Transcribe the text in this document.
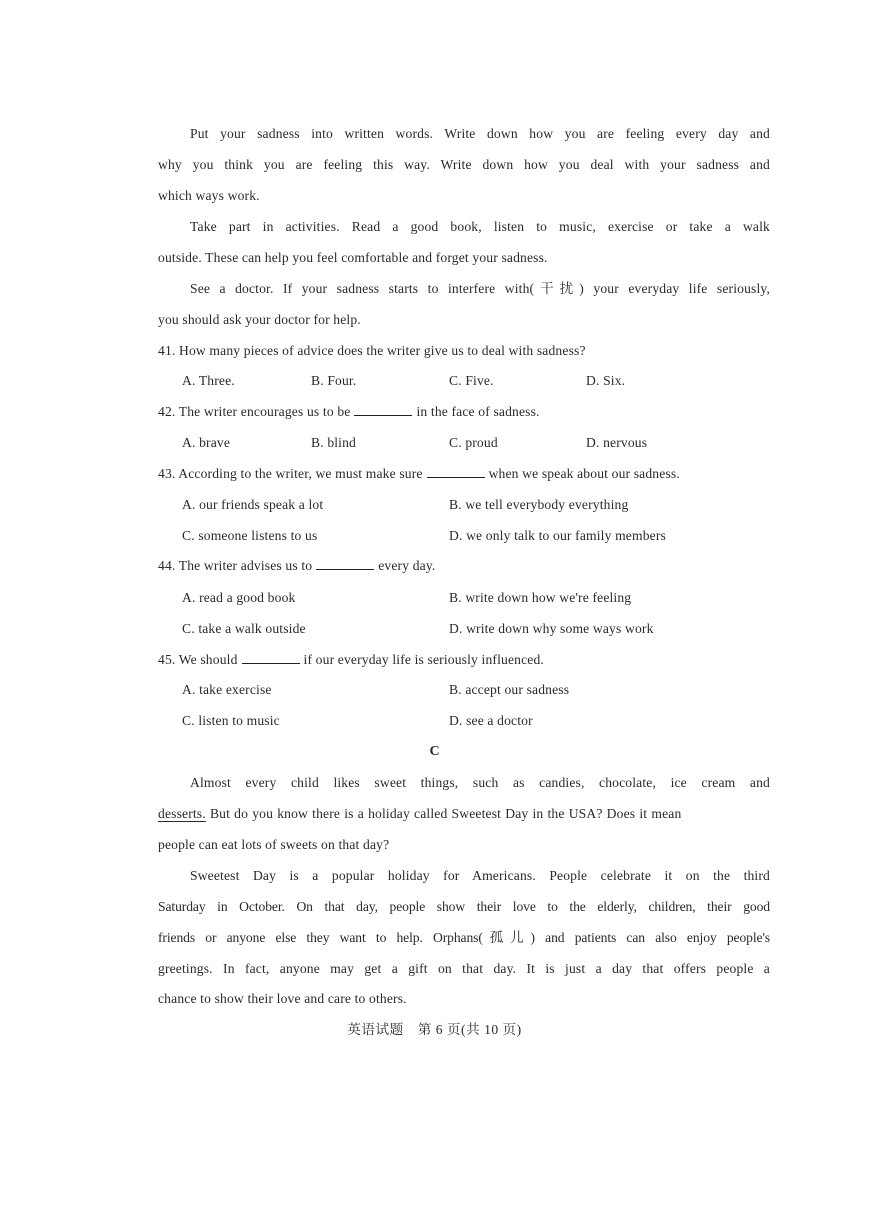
Put your sadness into written words. Write down how you are feeling every day and
why you think you are feeling this way. Write down how you deal with your sadness and
which ways work.
Take part in activities. Read a good book, listen to music, exercise or take a walk
outside. These can help you feel comfortable and forget your sadness.
See a doctor. If your sadness starts to interfere with(干扰) your everyday life seriously,
you should ask your doctor for help.
41. How many pieces of advice does the writer give us to deal with sadness?
A. Three.	B. Four.	C. Five.	D. Six.
42. The writer encourages us to be	in the face of sadness.
A. brave	B. blind	C. proud	D. nervous
43. According to the writer, we must make sure	when we speak about our sadness.
A. our friends speak a lot	B. we tell everybody everything
C. someone listens to us	D. we only talk to our family members
44. The writer advises us to	every day.
A. read a good book	B. write down how we're feeling
C. take a walk outside	D. write down why some ways work
45. We should	if our everyday life is seriously influenced.
A. take exercise	B. accept our sadness
C. listen to music	D. see a doctor
C
Almost every child likes sweet things, such as candies, chocolate, ice cream and
desserts. But do you know there is a holiday called Sweetest Day in the USA? Does it mean
people can eat lots of sweets on that day?
Sweetest Day is a popular holiday for Americans. People celebrate it on the third
Saturday in October. On that day, people show their love to the elderly, children, their good
friends or anyone else they want to help. Orphans(孤儿) and patients can also enjoy people's
greetings. In fact, anyone may get a gift on that day. It is just a day that offers people a
chance to show their love and care to others.
英语试题　第 6 页(共 10 页)
